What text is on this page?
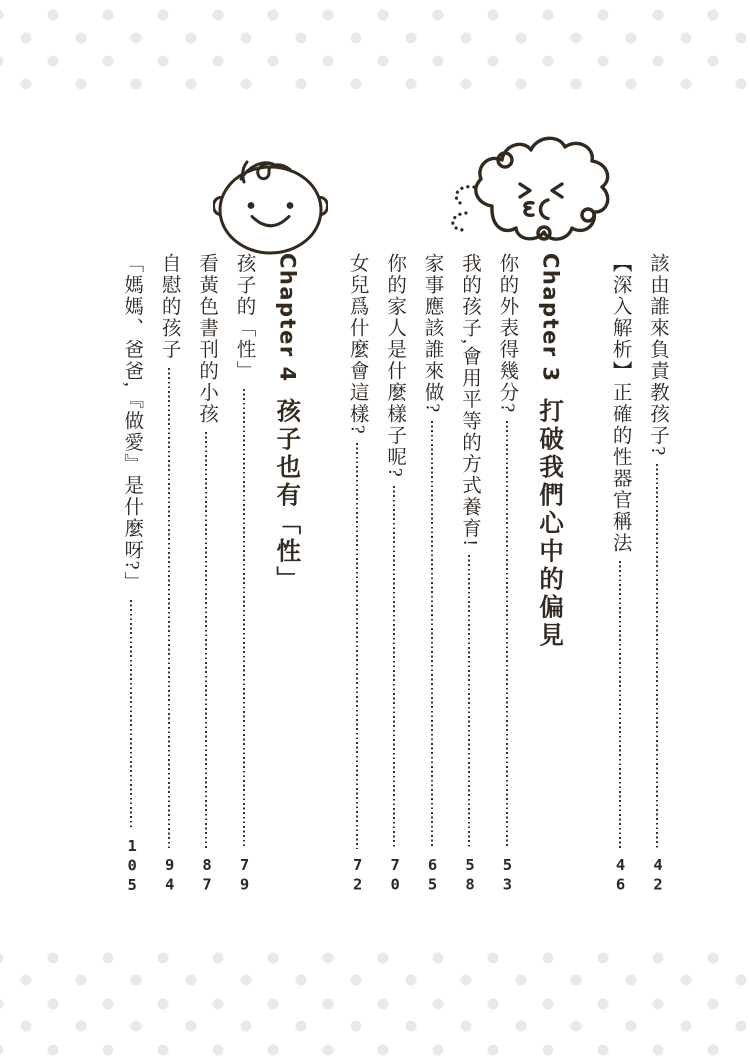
該由誰來負責教孩子?
42
【深入解析】正確的性器官稱法
46
Chapter 3
打破我們心中的偏見
你的外表得幾分?
53
我的孩子,會用平等的方式養育!
58
家事應該誰來做?
65
你的家人是什麼樣子呢?
70
女兒爲什麼會這樣?
72
Chapter 4
孩子也有「性」
孩子的「性」
79
看黃色書刊的小孩
87
自慰的孩子
94
「媽媽、爸爸,『做愛』是什麼呀?」
105
